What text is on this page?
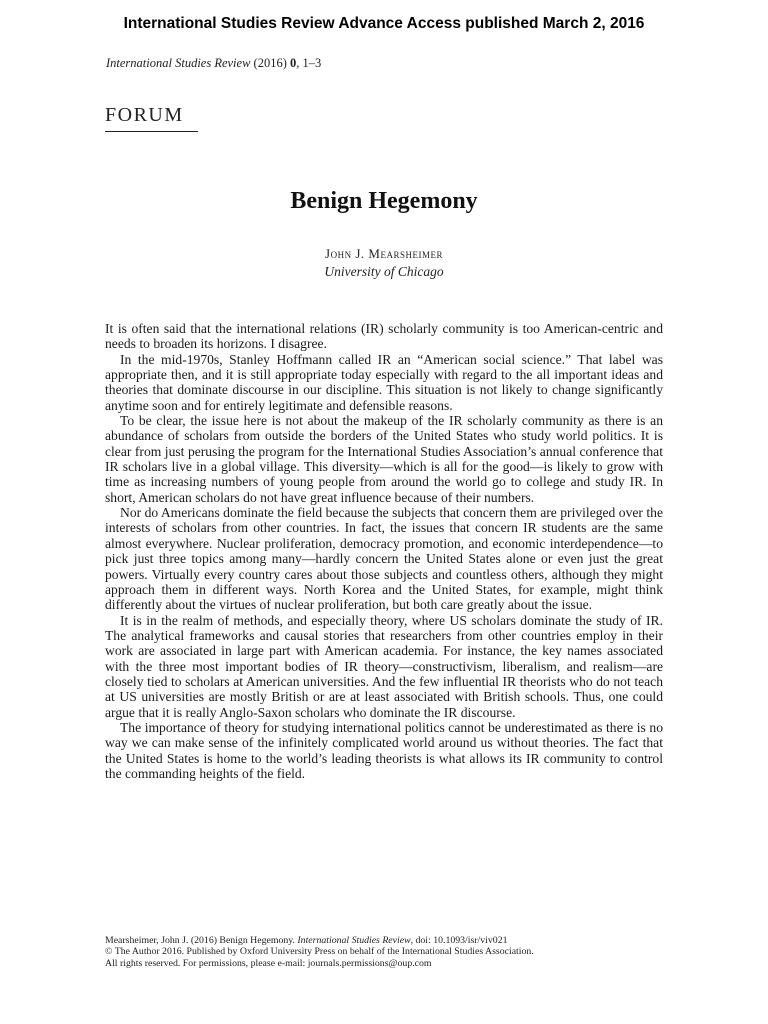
International Studies Review Advance Access published March 2, 2016
International Studies Review (2016) 0, 1–3
FORUM
Benign Hegemony
John J. Mearsheimer
University of Chicago

It is often said that the international relations (IR) scholarly community is too American-centric and needs to broaden its horizons. I disagree.

In the mid-1970s, Stanley Hoffmann called IR an “American social science.” That label was appropriate then, and it is still appropriate today especially with regard to the all important ideas and theories that dominate discourse in our discipline. This situation is not likely to change significantly anytime soon and for entirely legitimate and defensible reasons.

To be clear, the issue here is not about the makeup of the IR scholarly community as there is an abundance of scholars from outside the borders of the United States who study world politics. It is clear from just perusing the program for the International Studies Association’s annual conference that IR scholars live in a global village. This diversity—which is all for the good—is likely to grow with time as increasing numbers of young people from around the world go to college and study IR. In short, American scholars do not have great influence because of their numbers.

Nor do Americans dominate the field because the subjects that concern them are privileged over the interests of scholars from other countries. In fact, the issues that concern IR students are the same almost everywhere. Nuclear proliferation, democracy promotion, and economic interdependence—to pick just three topics among many—hardly concern the United States alone or even just the great powers. Virtually every country cares about those subjects and countless others, although they might approach them in different ways. North Korea and the United States, for example, might think differently about the virtues of nuclear proliferation, but both care greatly about the issue.

It is in the realm of methods, and especially theory, where US scholars dominate the study of IR. The analytical frameworks and causal stories that researchers from other countries employ in their work are associated in large part with American academia. For instance, the key names associated with the three most important bodies of IR theory—constructivism, liberalism, and realism—are closely tied to scholars at American universities. And the few influential IR theorists who do not teach at US universities are mostly British or are at least associated with British schools. Thus, one could argue that it is really Anglo-Saxon scholars who dominate the IR discourse.

The importance of theory for studying international politics cannot be underestimated as there is no way we can make sense of the infinitely complicated world around us without theories. The fact that the United States is home to the world’s leading theorists is what allows its IR community to control the commanding heights of the field.

Mearsheimer, John J. (2016) Benign Hegemony. International Studies Review, doi: 10.1093/isr/viv021
© The Author 2016. Published by Oxford University Press on behalf of the International Studies Association.
All rights reserved. For permissions, please e-mail: journals.permissions@oup.com
